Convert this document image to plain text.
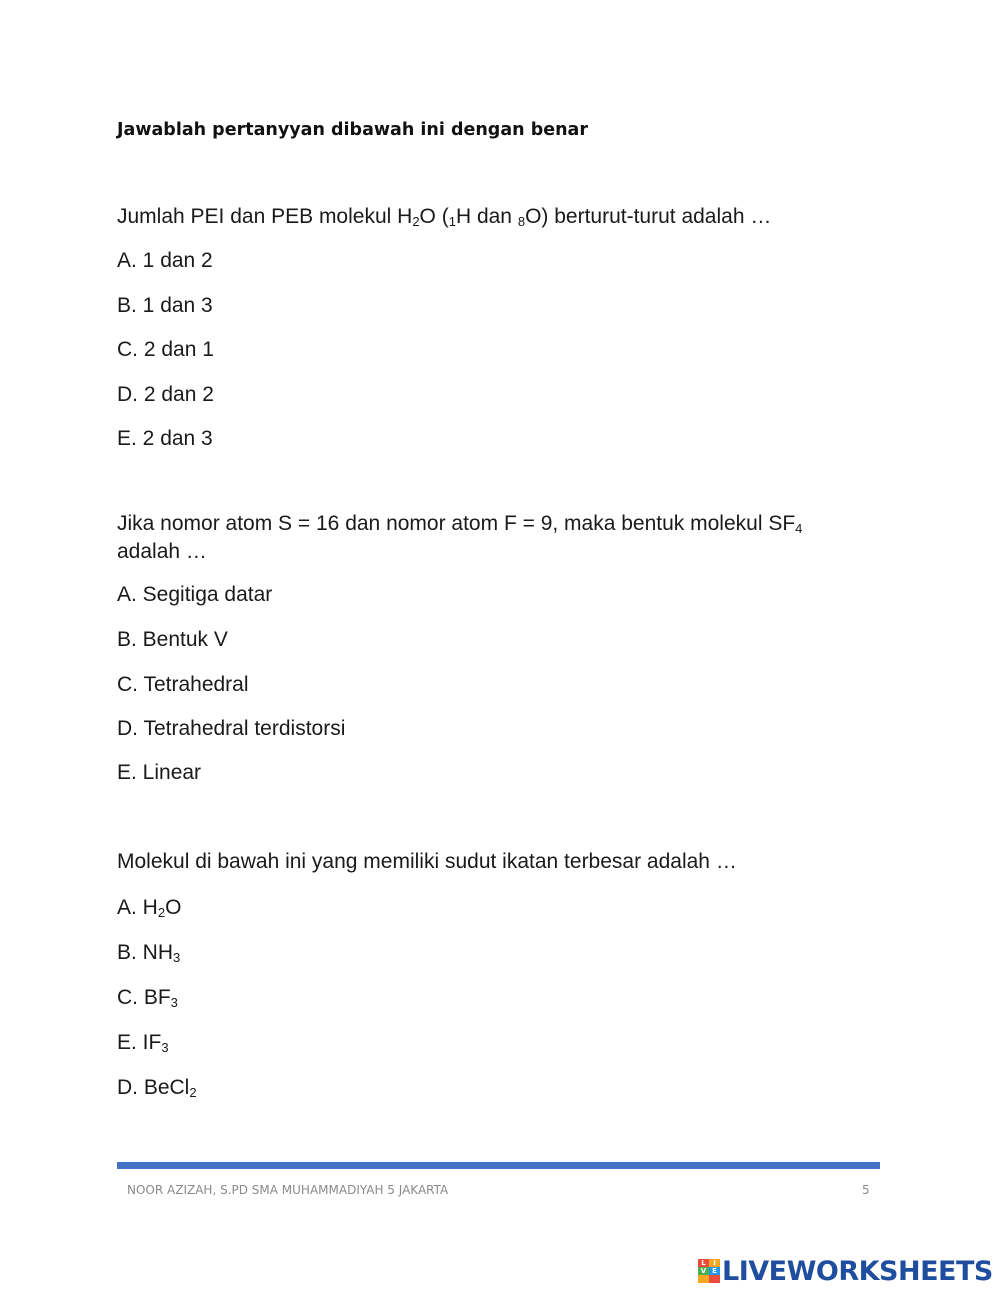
Jawablah pertanyyan dibawah ini dengan benar
Jumlah PEI dan PEB molekul $H_2O$ ($_1H$ dan $_8$O) berturut-turut adalah …
A. 1 dan 2
B. 1 dan 3
C. 2 dan 1
D. 2 dan 2
E. 2 dan 3
Jika nomor atom S = 16 dan nomor atom F = 9, maka bentuk molekul $SF_4$ adalah …
A. Segitiga datar
B. Bentuk V
C. Tetrahedral
D. Tetrahedral terdistorsi
E. Linear
Molekul di bawah ini yang memiliki sudut ikatan terbesar adalah …
A. $H_2O$
B. $NH_3$
C. $BF_3$
E. $IF_3$
D. BeCl$_2$
NOOR AZIZAH, S.PD SMA MUHAMMADIYAH 5 JAKARTA	5
L	I
V E LIVEWORKSHEETS
